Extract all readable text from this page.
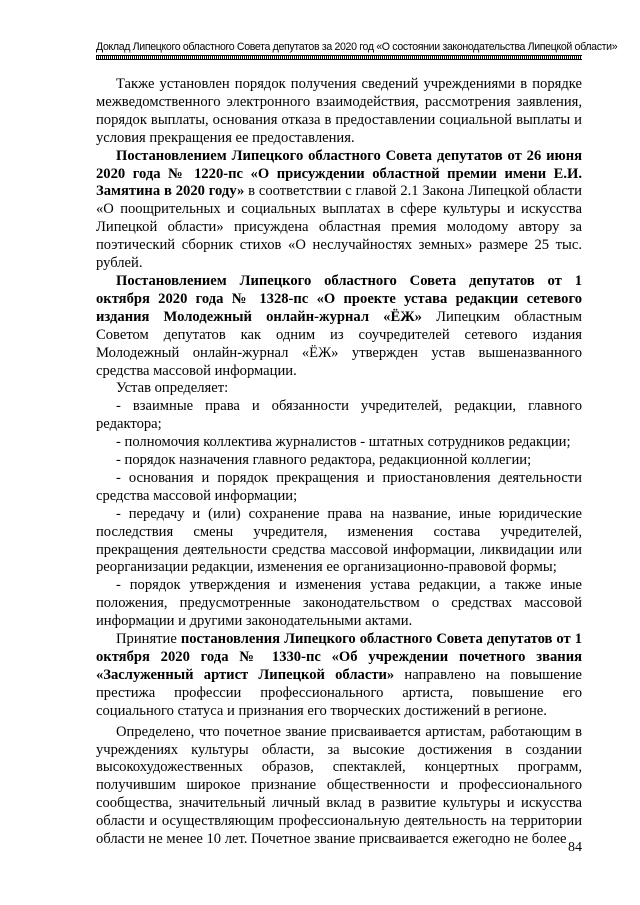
Доклад Липецкого областного Совета депутатов за 2020 год «О состоянии законодательства Липецкой области»

Также установлен порядок получения сведений учреждениями в порядке межведомственного электронного взаимодействия, рассмотрения заявления, порядок выплаты, основания отказа в предоставлении социальной выплаты и условия прекращения ее предоставления.

Постановлением Липецкого областного Совета депутатов от 26 июня 2020 года № 1220-пс «О присуждении областной премии имени Е.И. Замятина в 2020 году» в соответствии с главой 2.1 Закона Липецкой области «О поощрительных и социальных выплатах в сфере культуры и искусства Липецкой области» присуждена областная премия молодому автору за поэтический сборник стихов «О неслучайностях земных» размере 25 тыс. рублей.

Постановлением Липецкого областного Совета депутатов от 1 октября 2020 года № 1328-пс «О проекте устава редакции сетевого издания Молодежный онлайн-журнал «ЁЖ» Липецким областным Советом депутатов как одним из соучредителей сетевого издания Молодежный онлайн-журнал «ЁЖ» утвержден устав вышеназванного средства массовой информации.

Устав определяет:

- взаимные права и обязанности учредителей, редакции, главного редактора;

- полномочия коллектива журналистов - штатных сотрудников редакции;

- порядок назначения главного редактора, редакционной коллегии;

- основания и порядок прекращения и приостановления деятельности средства массовой информации;

- передачу и (или) сохранение права на название, иные юридические последствия смены учредителя, изменения состава учредителей, прекращения деятельности средства массовой информации, ликвидации или реорганизации редакции, изменения ее организационно-правовой формы;

- порядок утверждения и изменения устава редакции, а также иные положения, предусмотренные законодательством о средствах массовой информации и другими законодательными актами.

Принятие постановления Липецкого областного Совета депутатов от 1 октября 2020 года № 1330-пс «Об учреждении почетного звания «Заслуженный артист Липецкой области» направлено на повышение престижа профессии профессионального артиста, повышение его социального статуса и признания его творческих достижений в регионе.

Определено, что почетное звание присваивается артистам, работающим в учреждениях культуры области, за высокие достижения в создании высокохудожественных образов, спектаклей, концертных программ, получившим широкое признание общественности и профессионального сообщества, значительный личный вклад в развитие культуры и искусства области и осуществляющим профессиональную деятельность на территории области не менее 10 лет. Почетное звание присваивается ежегодно не более

84
